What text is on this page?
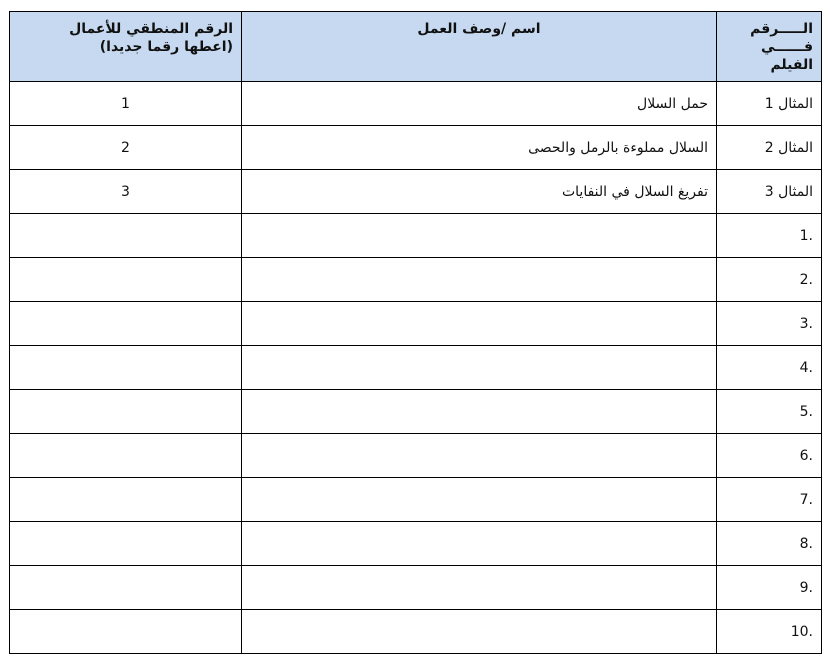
الـــــرقم فــــــي الفيلم	اسم /وصف العمل	الرقم المنطقي للأعمال (اعطها رقما جديدا)
المثال 1	حمل السلال	1
المثال 2	السلال مملوءة بالرمل والحصى	2
المثال 3	تفريغ السلال في النفايات	3
.1		
.2		
.3		
.4		
.5		
.6		
.7		
.8		
.9		
.10		
